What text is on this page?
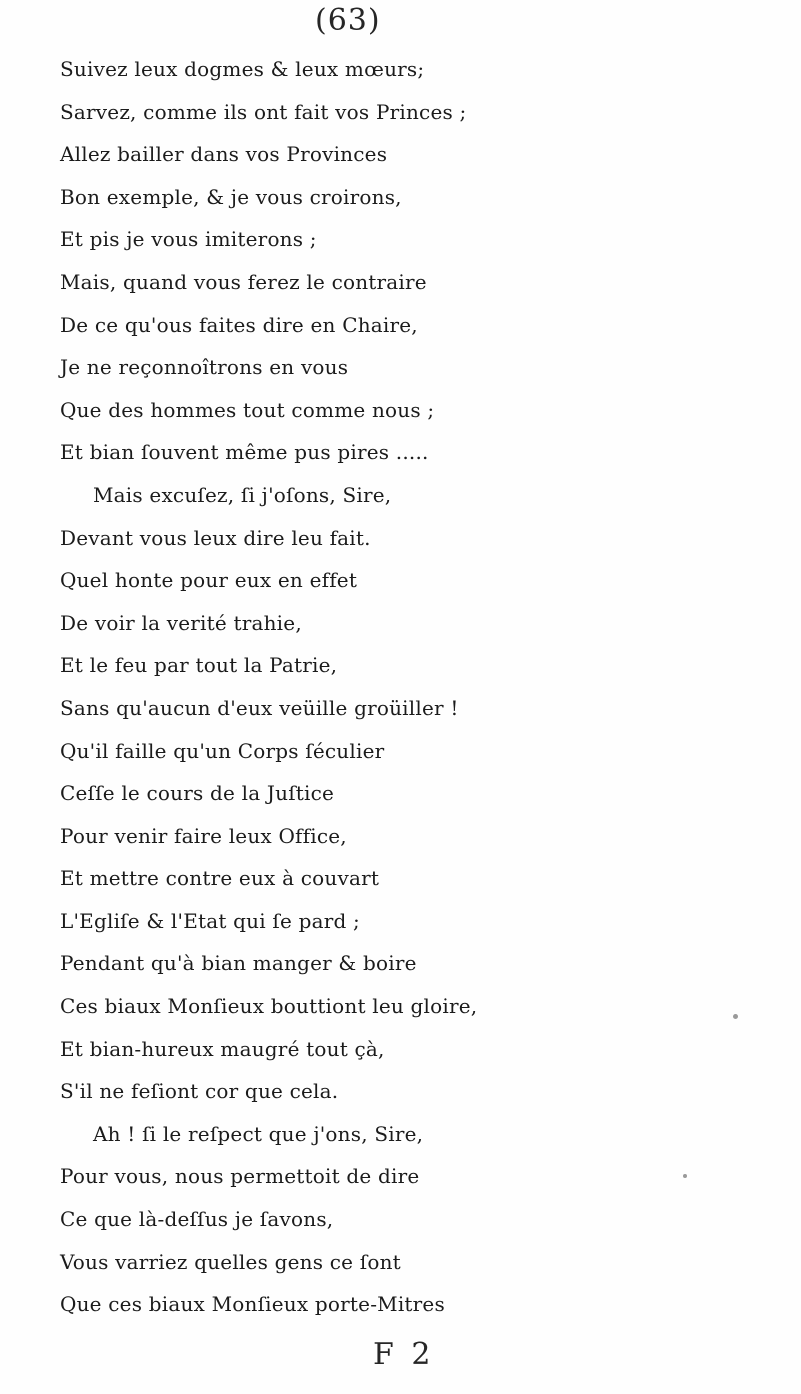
(63)
Suivez leux dogmes & leux mœurs;
Sarvez, comme ils ont fait vos Princes ;
Allez bailler dans vos Provinces
Bon exemple, & je vous croirons,
Et pis je vous imiterons ;
Mais, quand vous ferez le contraire
De ce qu'ous faites dire en Chaire,
Je ne reçonnoîtrons en vous
Que des hommes tout comme nous ;
Et bian ſouvent même pus pires .....
Mais excuſez, ſi j'oſons, Sire,
Devant vous leux dire leu fait.
Quel honte pour eux en effet
De voir la verité trahie,
Et le feu par tout la Patrie,
Sans qu'aucun d'eux veüille groüiller !
Qu'il faille qu'un Corps ſéculier
Ceſſe le cours de la Juſtice
Pour venir faire leux Office,
Et mettre contre eux à couvart
L'Egliſe & l'Etat qui ſe pard ;
Pendant qu'à bian manger & boire
Ces biaux Monſieux bouttiont leu gloire,
Et bian-hureux maugré tout çà,
S'il ne feſiont cor que cela.
Ah ! ſi le reſpect que j'ons, Sire,
Pour vous, nous permettoit de dire
Ce que là-deſſus je ſavons,
Vous varriez quelles gens ce ſont
Que ces biaux Monſieux porte-Mitres
F 2
